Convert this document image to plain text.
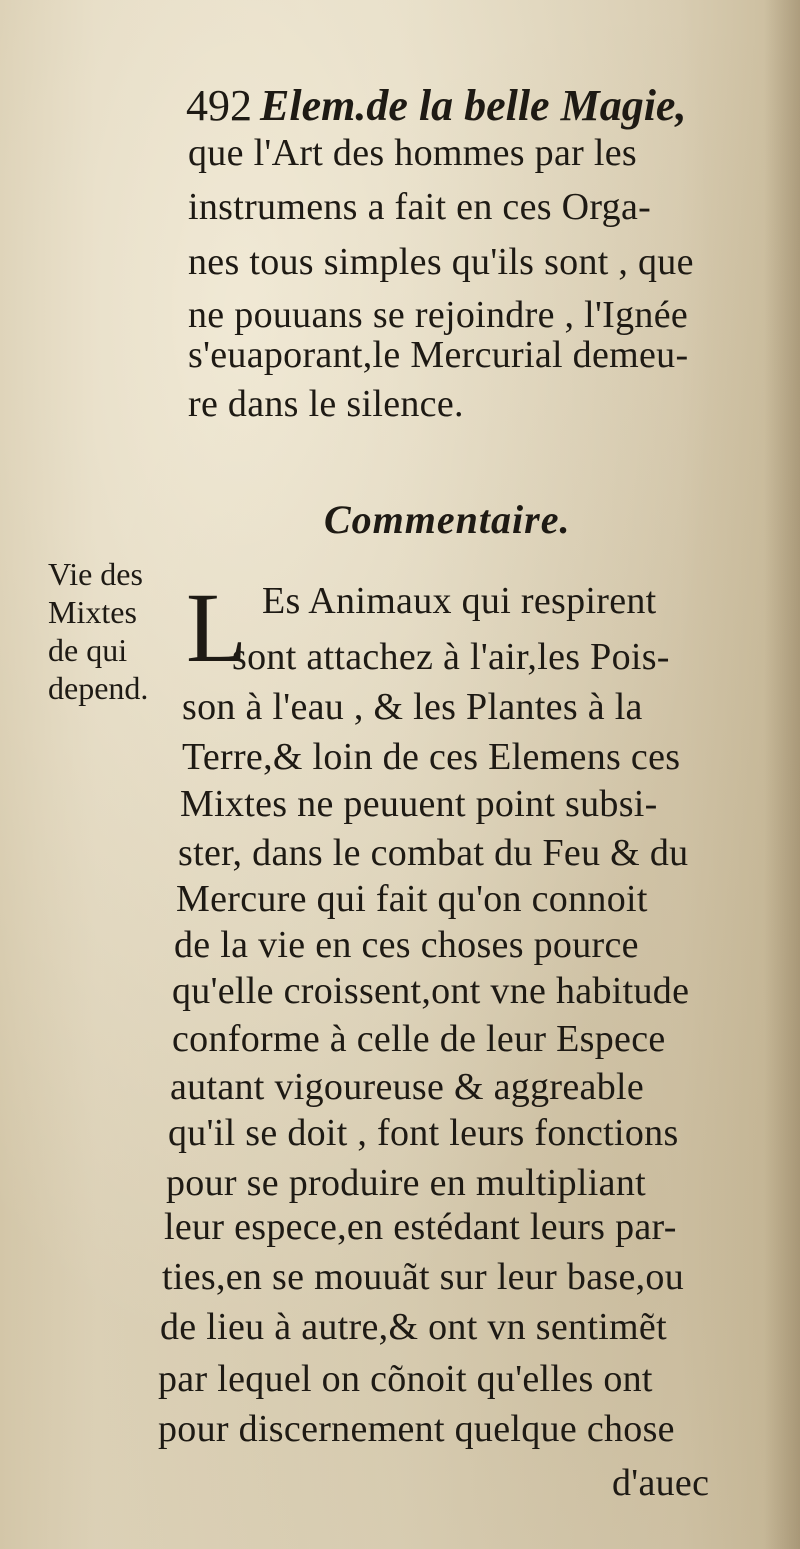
492 Elem.de la belle Magie,
que l'Art des hommes par les
instrumens a fait en ces Orga-
nes tous simples qu'ils sont , que
ne pouuans se rejoindre , l'Ignée
s'euaporant,le Mercurial demeu-
re dans le silence.
Commentaire.
Vie des
Mixtes
de qui
depend.
L Es Animaux qui respirent
sont attachez à l'air,les Pois-
son à l'eau , & les Plantes à la
Terre,& loin de ces Elemens ces
Mixtes ne peuuent point subsi-
ster, dans le combat du Feu & du
Mercure qui fait qu'on connoit
de la vie en ces choses pource
qu'elle croissent,ont vne habitude
conforme à celle de leur Espece
autant vigoureuse & aggreable
qu'il se doit , font leurs fonctions
pour se produire en multipliant
leur espece,en estédant leurs par-
ties,en se mouuãt sur leur base,ou
de lieu à autre,& ont vn sentimẽt
par lequel on cõnoit qu'elles ont
pour discernement quelque chose
d'auec
